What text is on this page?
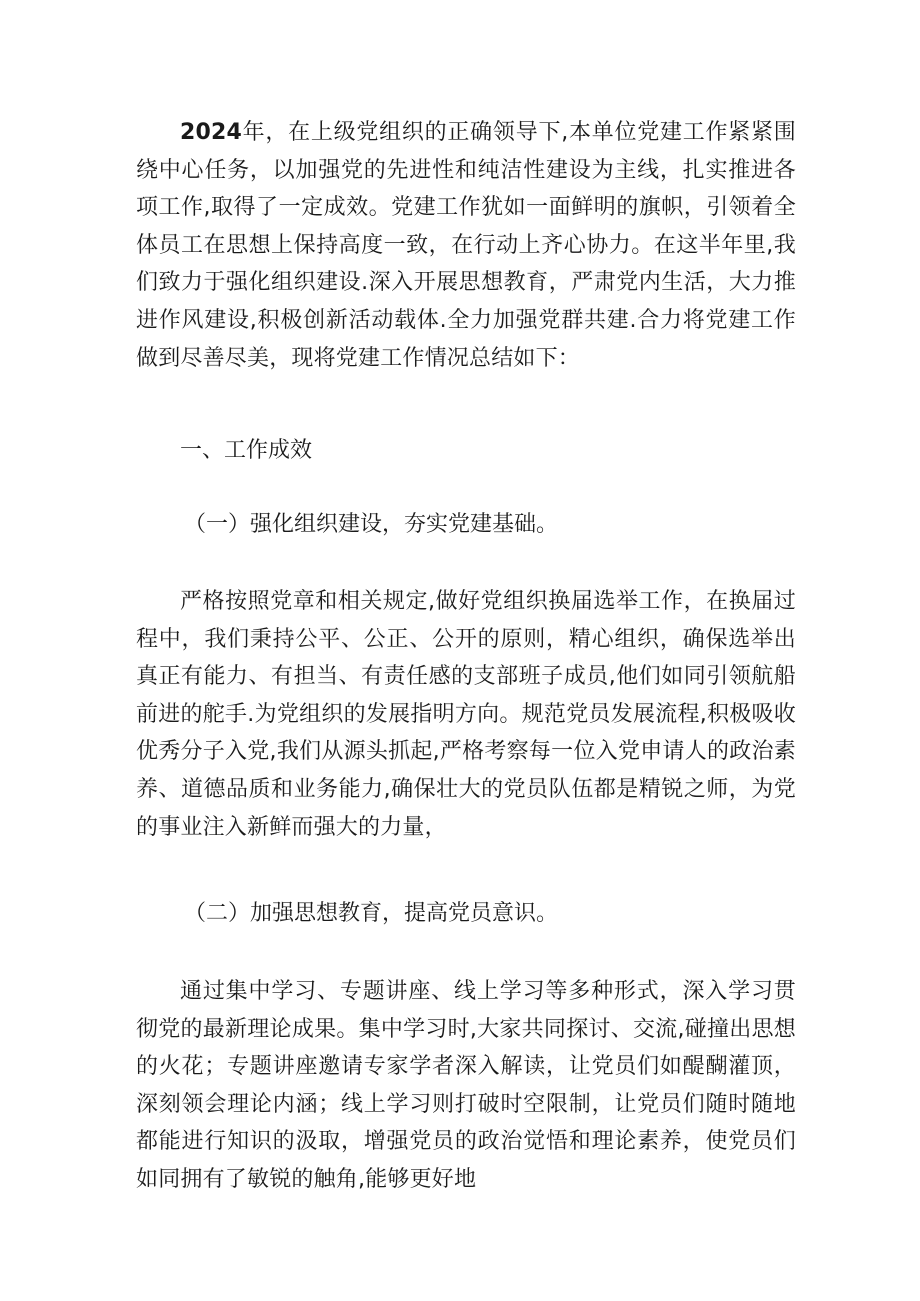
2024年，在上级党组织的正确领导下,本单位党建工作紧紧围绕中心任务，以加强党的先进性和纯洁性建设为主线，扎实推进各项工作,取得了一定成效。党建工作犹如一面鲜明的旗帜，引领着全体员工在思想上保持高度一致，在行动上齐心协力。在这半年里,我们致力于强化组织建设.深入开展思想教育，严肃党内生活，大力推进作风建设,积极创新活动载体.全力加强党群共建.合力将党建工作做到尽善尽美，现将党建工作情况总结如下：

一、工作成效
（一）强化组织建设，夯实党建基础。

严格按照党章和相关规定,做好党组织换届选举工作，在换届过程中，我们秉持公平、公正、公开的原则，精心组织，确保选举出真正有能力、有担当、有责任感的支部班子成员,他们如同引领航船前进的舵手.为党组织的发展指明方向。规范党员发展流程,积极吸收优秀分子入党,我们从源头抓起,严格考察每一位入党申请人的政治素养、道德品质和业务能力,确保壮大的党员队伍都是精锐之师，为党的事业注入新鲜而强大的力量，

（二）加强思想教育，提高党员意识。

通过集中学习、专题讲座、线上学习等多种形式，深入学习贯彻党的最新理论成果。集中学习时,大家共同探讨、交流,碰撞出思想的火花；专题讲座邀请专家学者深入解读，让党员们如醍醐灌顶，深刻领会理论内涵；线上学习则打破时空限制，让党员们随时随地都能进行知识的汲取，增强党员的政治觉悟和理论素养，使党员们如同拥有了敏锐的触角,能够更好地
